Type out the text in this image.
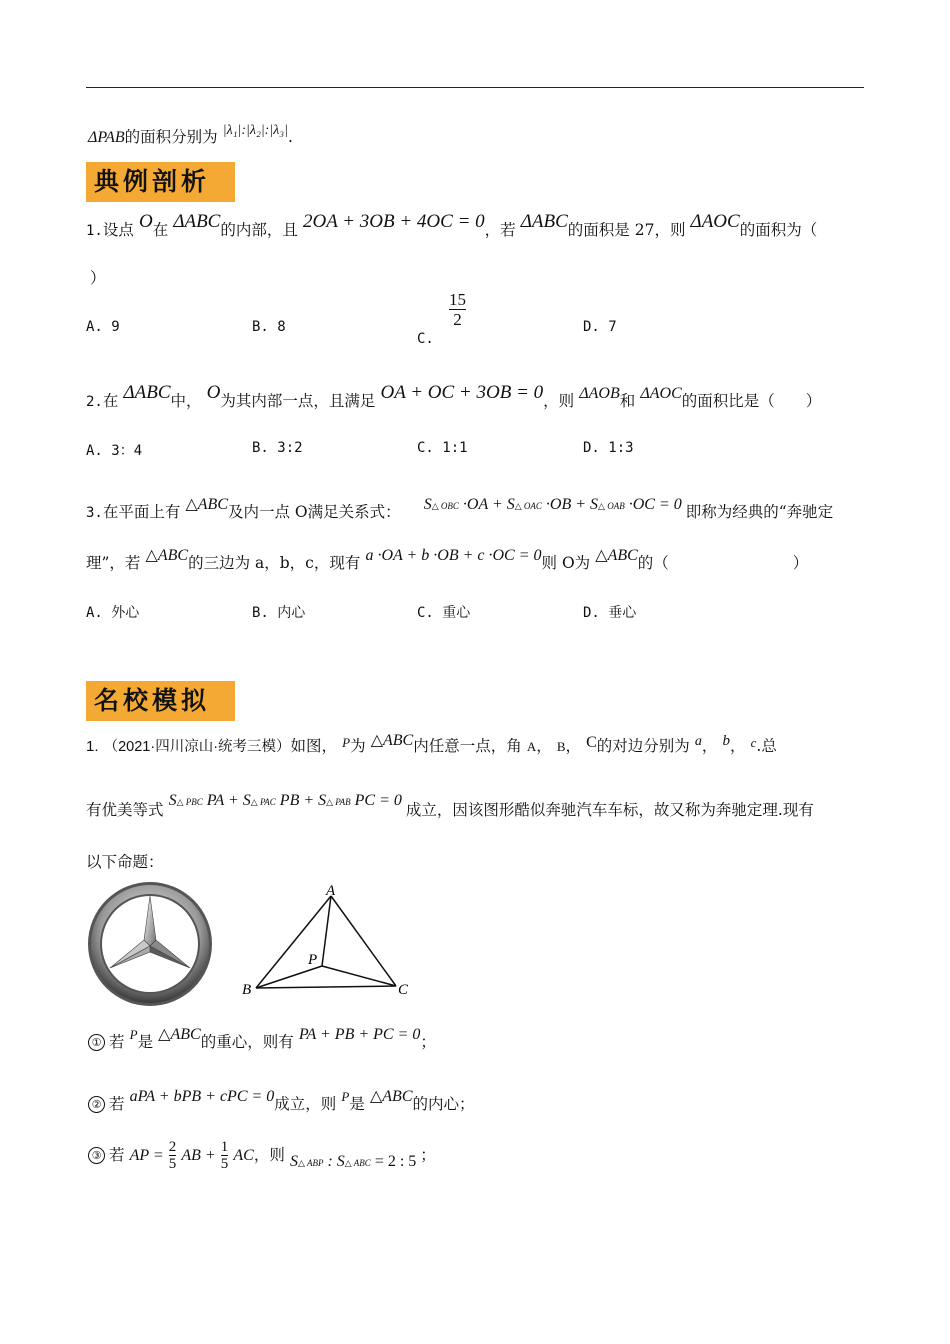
ΔPAB的面积分别为 |λ₁|:|λ₂|:|λ₃|.
典例剖析
1.设点 O在 ΔABC的内部，且 2OA + 3OB + 4OC = 0，若 ΔABC的面积是 27，则 ΔAOC的面积为（
）
A. 9	B. 8
C.
$\frac{15}{2}$	D. 7
2.在 ΔABC中， O为其内部一点，且满足 OA + OC + 3OB = 0，则 ΔAOB和 ΔAOC的面积比是（　　）
A. 3：4	B. 3:2	C. 1:1	D. 1:3
3.在平面上有 △ABC及内一点 O满足关系式： S△ OBC ·OA + S△ OAC ·OB + S△ OAB ·OC = 0 即称为经典的“奔驰定
理”，若 △ABC的三边为 a，b，c，现有 a ·OA + b ·OB + c ·OC = 0则 O为 △ABC的（　　　　　　　　）
A. 外心	B. 内心	C. 重心	D. 垂心
名校模拟
1. （2021·四川凉山·统考三模）如图， $^P$为 △ABC内任意一点，角 A， B， C的对边分别为 a， b， $^c$.总
有优美等式 S△ PBC PA + S△ PAC PB + S△ PAB PC = 0 成立，因该图形酷似奔驰汽车车标，故又称为奔驰定理.现有
以下命题：
A
B	C
P
① 若 $^P$是 △ABC的重心，则有 PA + PB + PC = 0；
② 若 aPA + bPB + cPC = 0成立，则 $^P$是 △ABC的内心；
③ 若 AP = $\frac{2}{5}$ AB + $\frac{1}{5}$ AC，则 S△ ABP : S△ ABC = 2 : 5 ；
